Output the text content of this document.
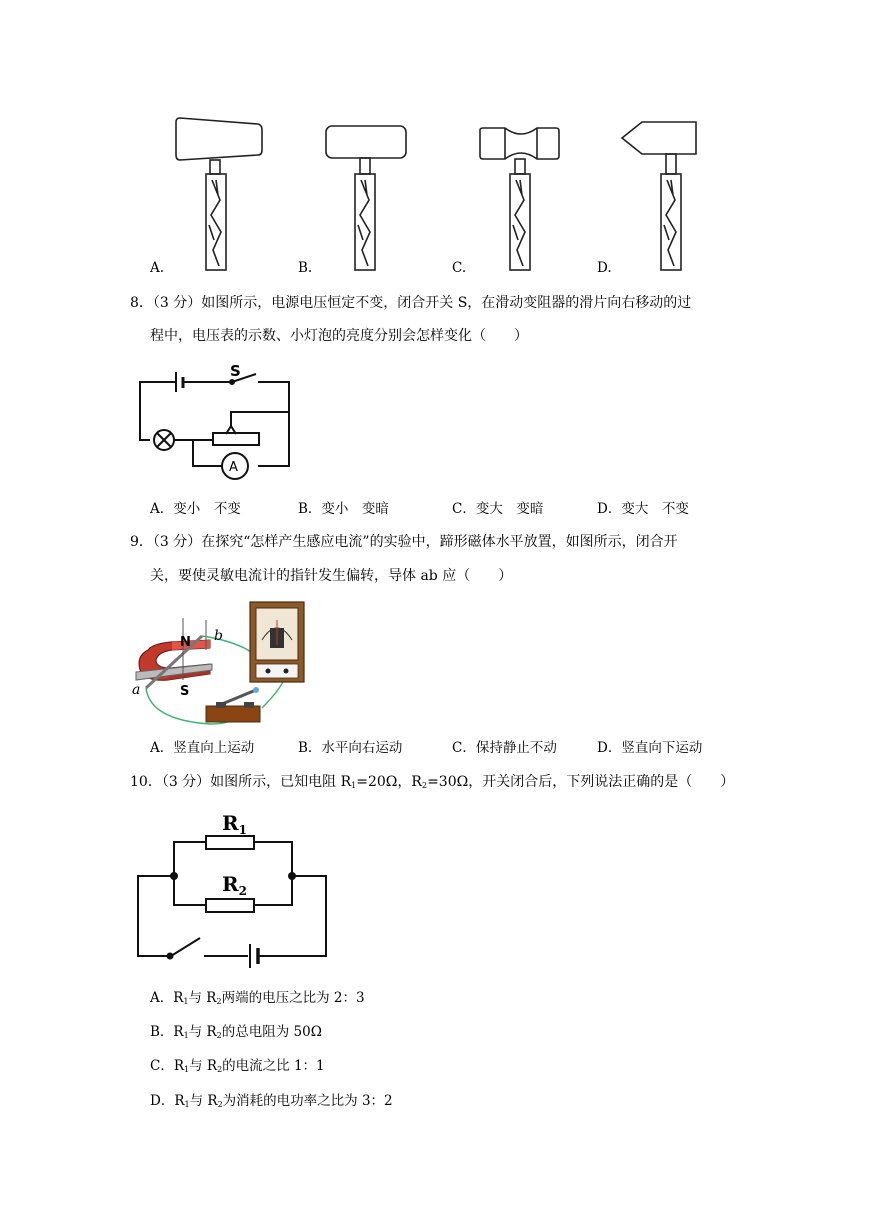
A.	B.	C.	D.
8．（3 分）如图所示，电源电压恒定不变，闭合开关 S，在滑动变阻器的滑片向右移动的过
程中，电压表的示数、小灯泡的亮度分别会怎样变化（　　）
S
A
A．变小　不变	B．变小　变暗	C．变大　变暗	D．变大　不变
9．（3 分）在探究“怎样产生感应电流”的实验中，蹄形磁体水平放置，如图所示，闭合开
关，要使灵敏电流计的指针发生偏转，导体 ab 应（　　）
N
S
a
b
A．竖直向上运动	B．水平向右运动	C．保持静止不动	D．竖直向下运动
10．（3 分）如图所示，已知电阻 $R_1=20\Omega$，$R_2=30\Omega$，开关闭合后，下列说法正确的是（　　）
$R_1$
$R_2$
A．$R_1$与 $R_2$两端的电压之比为 2：3
B．$R_1$与 $R_2$的总电阻为 50Ω
C．$R_1$与 $R_2$的电流之比 1：1
D．$R_1$与 $R_2$为消耗的电功率之比为 3：2
